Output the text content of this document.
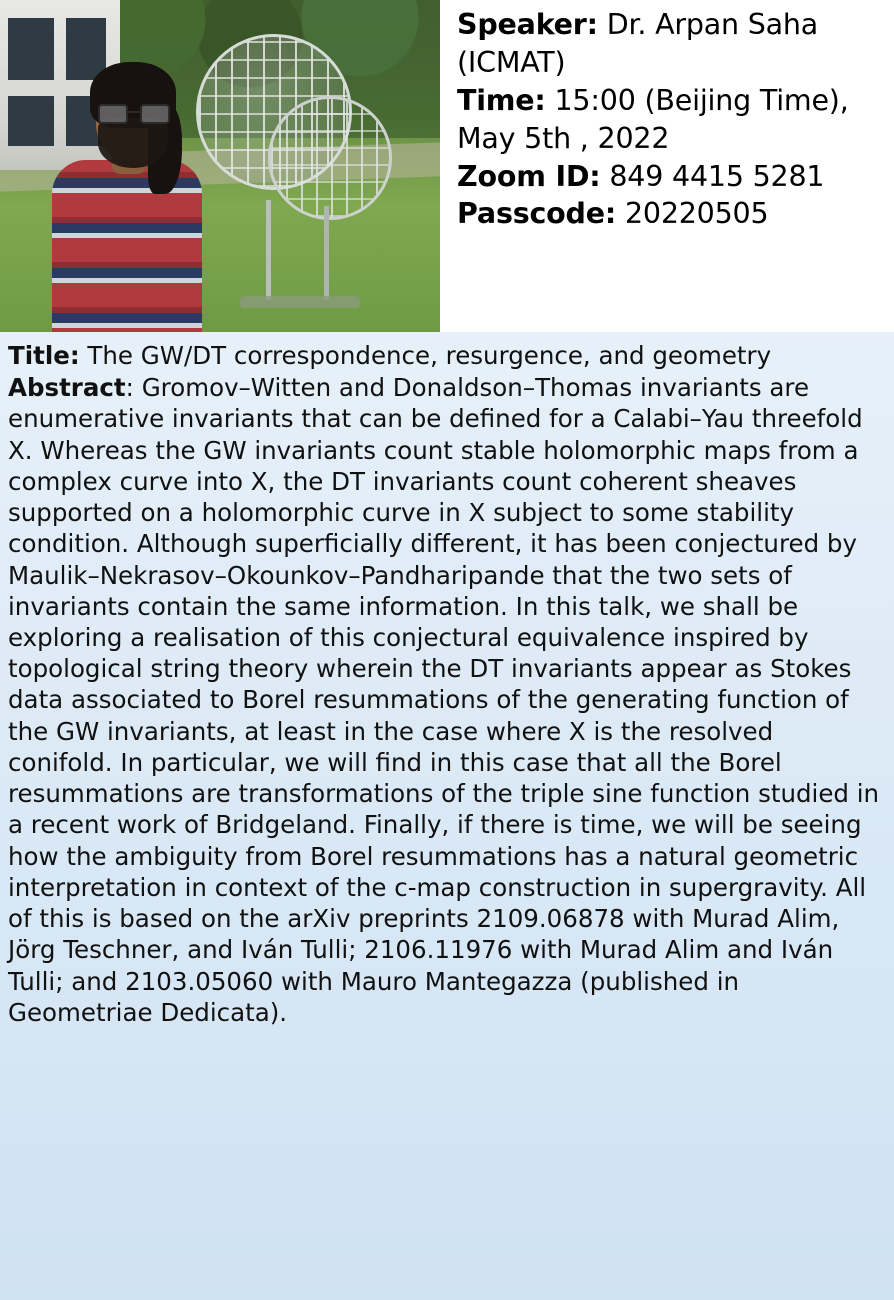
Speaker: Dr. Arpan Saha (ICMAT)
Time: 15:00 (Beijing Time), May 5th , 2022
Zoom ID: 849 4415 5281
Passcode: 20220505
Title: The GW/DT correspondence, resurgence, and geometry
Abstract: Gromov–Witten and Donaldson–Thomas invariants are enumerative invariants that can be defined for a Calabi–Yau threefold X. Whereas the GW invariants count stable holomorphic maps from a complex curve into X, the DT invariants count coherent sheaves supported on a holomorphic curve in X subject to some stability condition. Although superficially different, it has been conjectured by Maulik–Nekrasov–Okounkov–Pandharipande that the two sets of invariants contain the same information. In this talk, we shall be exploring a realisation of this conjectural equivalence inspired by topological string theory wherein the DT invariants appear as Stokes data associated to Borel resummations of the generating function of the GW invariants, at least in the case where X is the resolved conifold. In particular, we will find in this case that all the Borel resummations are transformations of the triple sine function studied in a recent work of Bridgeland. Finally, if there is time, we will be seeing how the ambiguity from Borel resummations has a natural geometric interpretation in context of the c-map construction in supergravity. All of this is based on the arXiv preprints 2109.06878 with Murad Alim, Jörg Teschner, and Iván Tulli; 2106.11976 with Murad Alim and Iván Tulli; and 2103.05060 with Mauro Mantegazza (published in Geometriae Dedicata).
